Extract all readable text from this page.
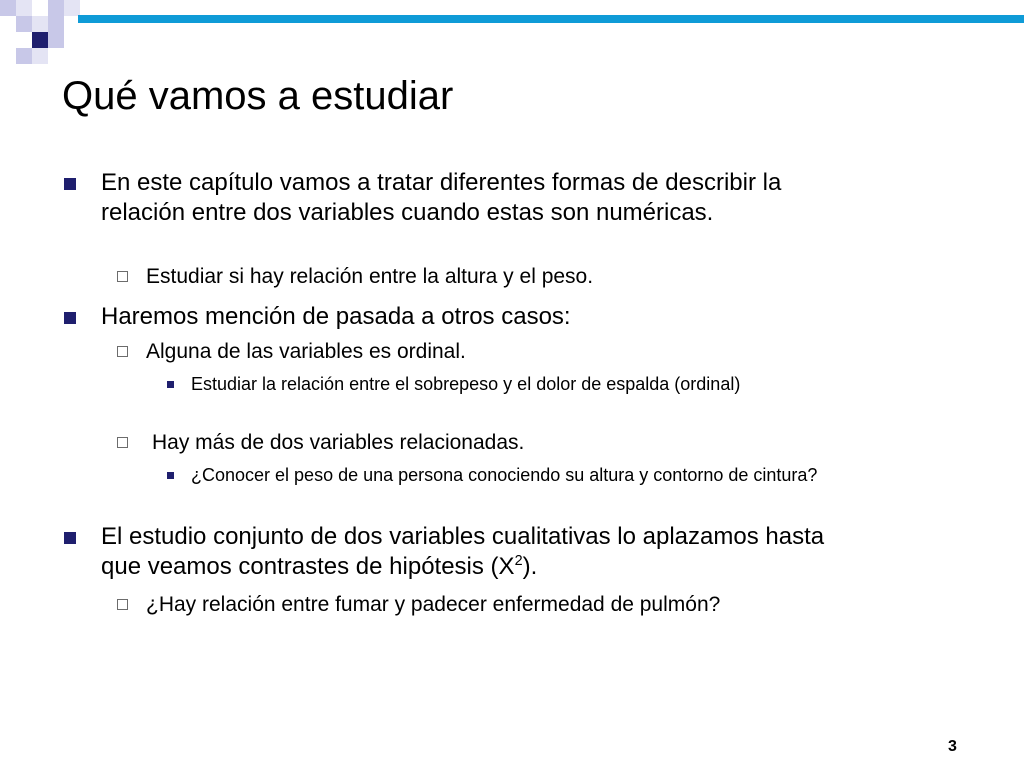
Qué vamos a estudiar
En este capítulo vamos a tratar diferentes formas de describir la relación entre dos variables cuando estas son numéricas.
Estudiar si hay relación entre la altura y el peso.
Haremos mención de pasada a otros casos:
Alguna de las variables es ordinal.
Estudiar la relación entre el sobrepeso y el dolor de espalda (ordinal)
Hay más de dos variables relacionadas.
¿Conocer el peso de una persona conociendo su altura y contorno de cintura?
El estudio conjunto de dos variables cualitativas lo aplazamos hasta que veamos contrastes de hipótesis $(X^2)$.
¿Hay relación entre fumar y padecer enfermedad de pulmón?
3
